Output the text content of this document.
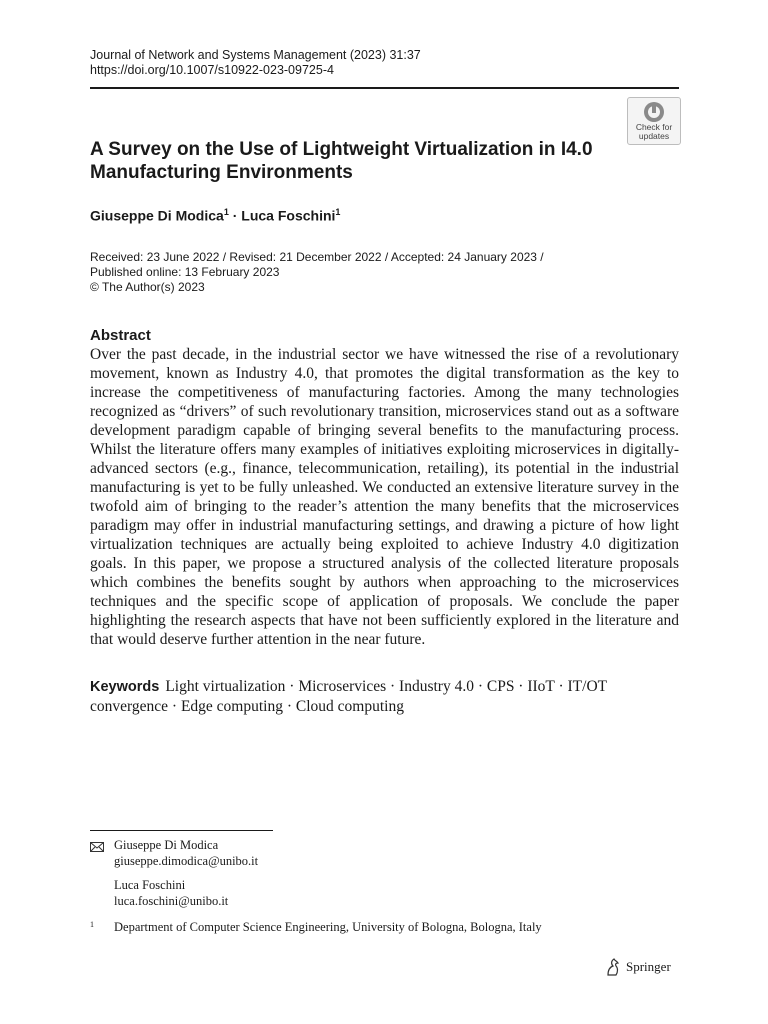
Journal of Network and Systems Management (2023) 31:37
https://doi.org/10.1007/s10922-023-09725-4
Check for
updates
A Survey on the Use of Lightweight Virtualization in I4.0 Manufacturing Environments
Giuseppe Di Modica$^1$ · Luca Foschini$^1$
Received: 23 June 2022 / Revised: 21 December 2022 / Accepted: 24 January 2023 /
Published online: 13 February 2023
© The Author(s) 2023
Abstract

Over the past decade, in the industrial sector we have witnessed the rise of a revolutionary movement, known as Industry 4.0, that promotes the digital transformation as the key to increase the competitiveness of manufacturing factories. Among the many technologies recognized as “drivers” of such revolutionary transition, microservices stand out as a software development paradigm capable of bringing several benefits to the manufacturing process. Whilst the literature offers many examples of initiatives exploiting microservices in digitally-advanced sectors (e.g., finance, telecommunication, retailing), its potential in the industrial manufacturing is yet to be fully unleashed. We conducted an extensive literature survey in the twofold aim of bringing to the reader’s attention the many benefits that the microservices paradigm may offer in industrial manufacturing settings, and drawing a picture of how light virtualization techniques are actually being exploited to achieve Industry 4.0 digitization goals. In this paper, we propose a structured analysis of the collected literature proposals which combines the benefits sought by authors when approaching to the microservices techniques and the specific scope of application of proposals. We conclude the paper highlighting the research aspects that have not been sufficiently explored in the literature and that would deserve further attention in the near future.

Keywords Light virtualization · Microservices · Industry 4.0 · CPS · IIoT · IT/OT convergence · Edge computing · Cloud computing
Giuseppe Di Modica
giuseppe.dimodica@unibo.it
Luca Foschini
luca.foschini@unibo.it
1	Department of Computer Science Engineering, University of Bologna, Bologna, Italy
Springer
